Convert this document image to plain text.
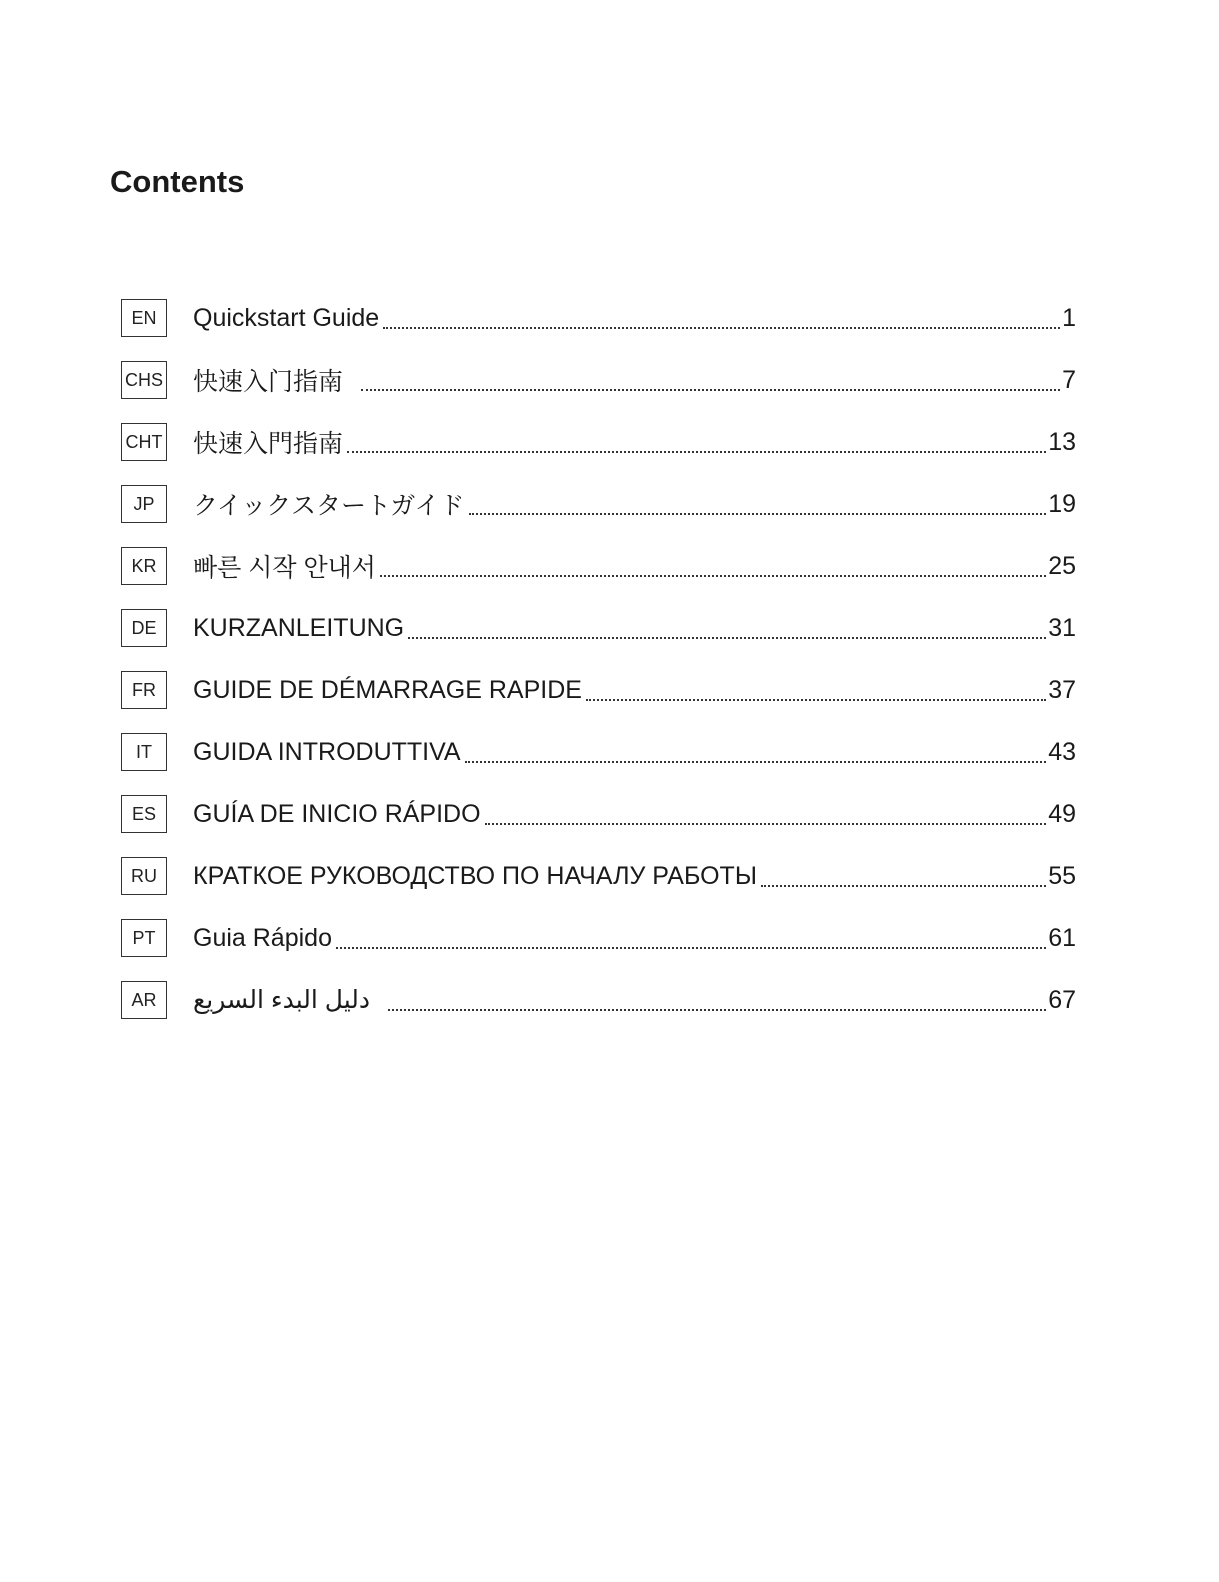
Contents
EN	Quickstart Guide	1
CHS 快速入门指南	7
CHT 快速入門指南	13
JP	クイックスタートガイド	19
KR	빠른 시작 안내서	25
DE	KURZANLEITUNG	31
FR	GUIDE DE DÉMARRAGE RAPIDE	37
IT	GUIDA INTRODUTTIVA	43
ES	GUÍA DE INICIO RÁPIDO	49
RU	КРАТКОЕ РУКОВОДСТВО ПО НАЧАЛУ РАБОТЫ	55
PT	Guia Rápido	61
AR	دليل البدء السريع	67
